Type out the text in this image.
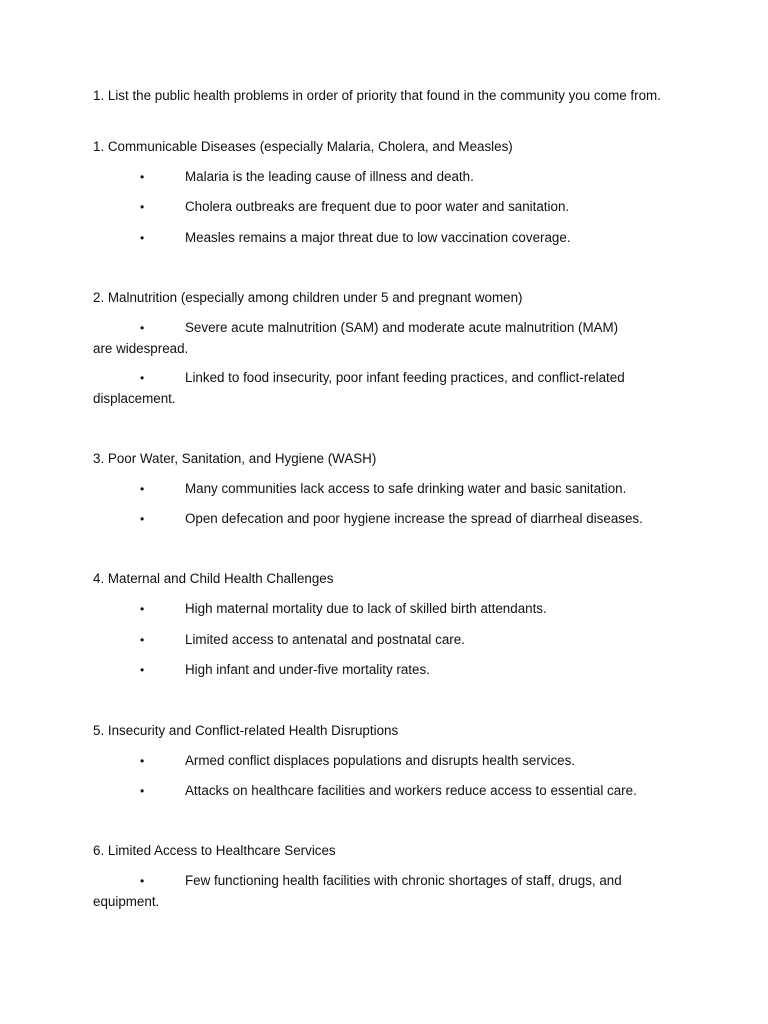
1. List the public health problems in order of priority that found in the community you come from.

1. Communicable Diseases (especially Malaria, Cholera, and Measles)

•	Malaria is the leading cause of illness and death.
•	Cholera outbreaks are frequent due to poor water and sanitation.
•	Measles remains a major threat due to low vaccination coverage.

2. Malnutrition (especially among children under 5 and pregnant women)

•	Severe acute malnutrition (SAM) and moderate acute malnutrition (MAM)
are widespread.
•	Linked to food insecurity, poor infant feeding practices, and conflict-related
displacement.

3. Poor Water, Sanitation, and Hygiene (WASH)

•	Many communities lack access to safe drinking water and basic sanitation.
•	Open defecation and poor hygiene increase the spread of diarrheal diseases.

4. Maternal and Child Health Challenges

•	High maternal mortality due to lack of skilled birth attendants.
•	Limited access to antenatal and postnatal care.
•	High infant and under-five mortality rates.

5. Insecurity and Conflict-related Health Disruptions

•	Armed conflict displaces populations and disrupts health services.
•	Attacks on healthcare facilities and workers reduce access to essential care.

6. Limited Access to Healthcare Services

•	Few functioning health facilities with chronic shortages of staff, drugs, and
equipment.
